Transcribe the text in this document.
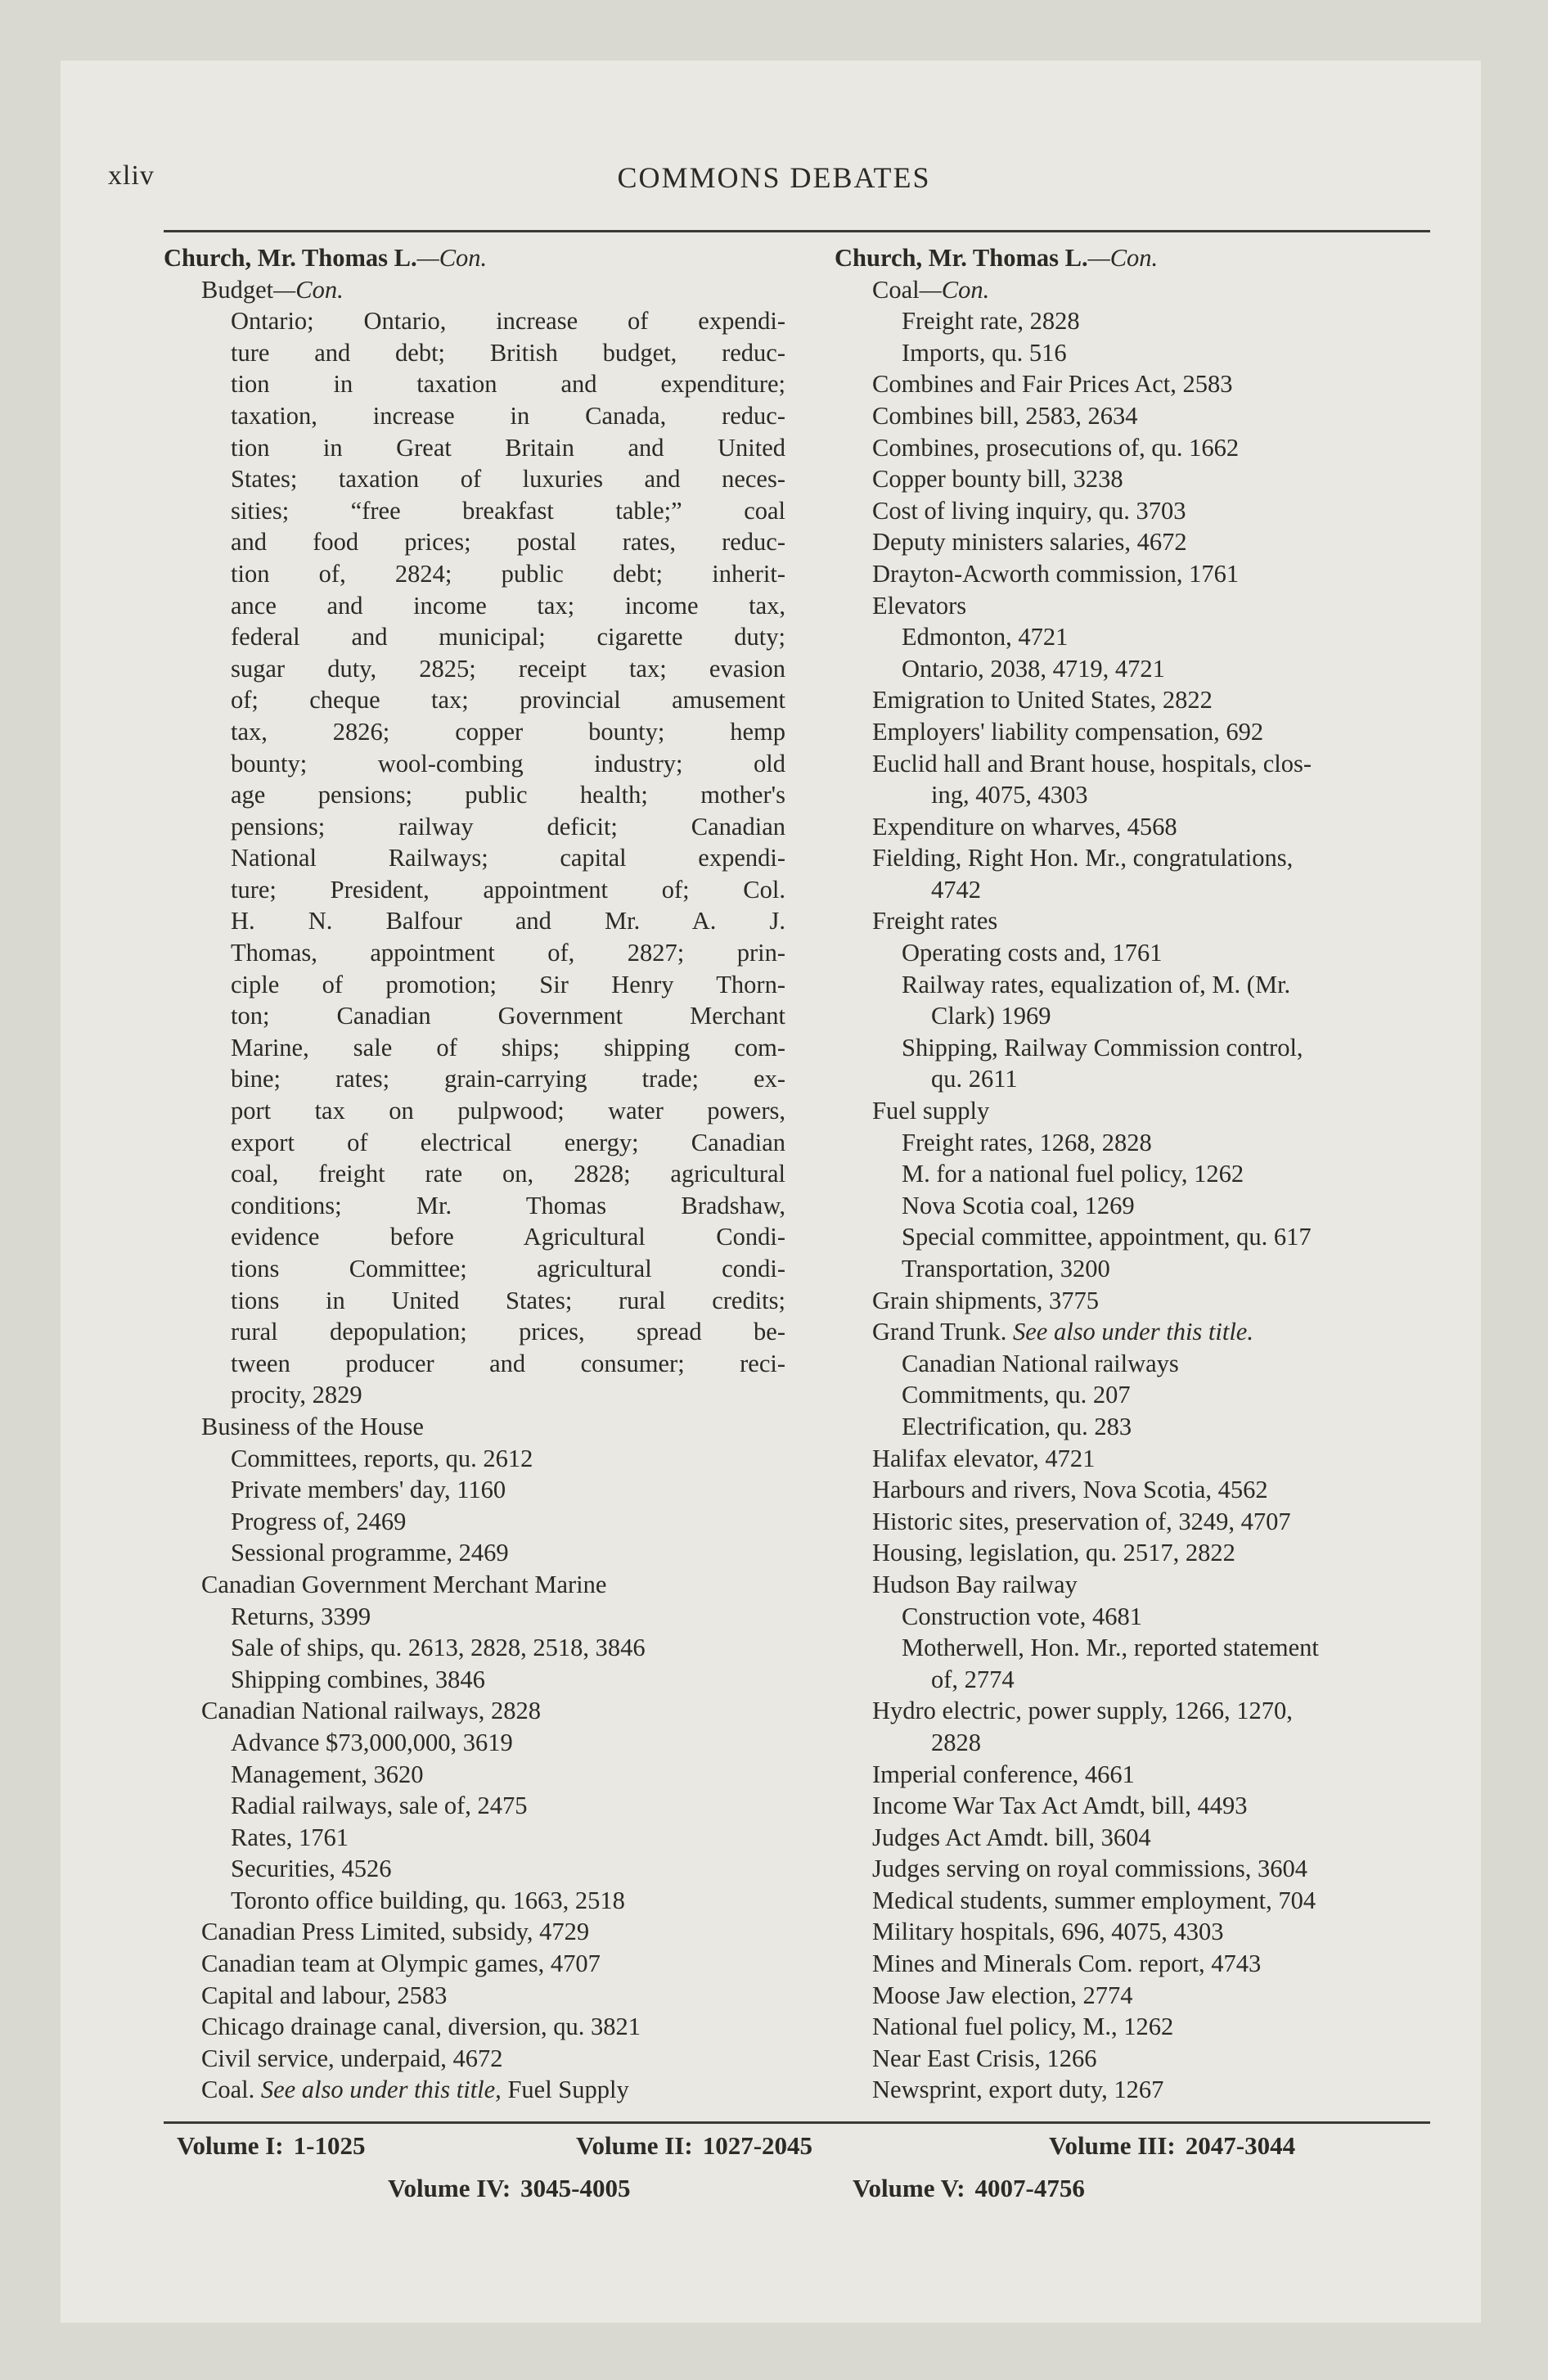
xliv	COMMONS DEBATES
Church, Mr. Thomas L.—Con.
Budget—Con.
Ontario; Ontario, increase of expendi-
ture and debt; British budget, reduc-
tion in taxation and expenditure;
taxation, increase in Canada, reduc-
tion in Great Britain and United
States; taxation of luxuries and neces-
sities; “free breakfast table;” coal
and food prices; postal rates, reduc-
tion of, 2824; public debt; inherit-
ance and income tax; income tax,
federal and municipal; cigarette duty;
sugar duty, 2825; receipt tax; evasion
of; cheque tax; provincial amusement
tax, 2826; copper bounty; hemp
bounty; wool-combing industry; old
age pensions; public health; mother's
pensions; railway deficit; Canadian
National Railways; capital expendi-
ture; President, appointment of; Col.
H. N. Balfour and Mr. A. J.
Thomas, appointment of, 2827; prin-
ciple of promotion; Sir Henry Thorn-
ton; Canadian Government Merchant
Marine, sale of ships; shipping com-
bine; rates; grain-carrying trade; ex-
port tax on pulpwood; water powers,
export of electrical energy; Canadian
coal, freight rate on, 2828; agricultural
conditions; Mr. Thomas Bradshaw,
evidence before Agricultural Condi-
tions Committee; agricultural condi-
tions in United States; rural credits;
rural depopulation; prices, spread be-
tween producer and consumer; reci-
procity, 2829
Business of the House
Committees, reports, qu. 2612
Private members' day, 1160
Progress of, 2469
Sessional programme, 2469
Canadian Government Merchant Marine
Returns, 3399
Sale of ships, qu. 2613, 2828, 2518, 3846
Shipping combines, 3846
Canadian National railways, 2828
Advance $73,000,000, 3619
Management, 3620
Radial railways, sale of, 2475
Rates, 1761
Securities, 4526
Toronto office building, qu. 1663, 2518
Canadian Press Limited, subsidy, 4729
Canadian team at Olympic games, 4707
Capital and labour, 2583
Chicago drainage canal, diversion, qu. 3821
Civil service, underpaid, 4672
Coal. See also under this title, Fuel Supply
Church, Mr. Thomas L.—Con.
Coal—Con.
Freight rate, 2828
Imports, qu. 516
Combines and Fair Prices Act, 2583
Combines bill, 2583, 2634
Combines, prosecutions of, qu. 1662
Copper bounty bill, 3238
Cost of living inquiry, qu. 3703
Deputy ministers salaries, 4672
Drayton-Acworth commission, 1761
Elevators
Edmonton, 4721
Ontario, 2038, 4719, 4721
Emigration to United States, 2822
Employers' liability compensation, 692
Euclid hall and Brant house, hospitals, clos-
ing, 4075, 4303
Expenditure on wharves, 4568
Fielding, Right Hon. Mr., congratulations,
4742
Freight rates
Operating costs and, 1761
Railway rates, equalization of, M. (Mr.
Clark) 1969
Shipping, Railway Commission control,
qu. 2611
Fuel supply
Freight rates, 1268, 2828
M. for a national fuel policy, 1262
Nova Scotia coal, 1269
Special committee, appointment, qu. 617
Transportation, 3200
Grain shipments, 3775
Grand Trunk. See also under this title.
Canadian National railways
Commitments, qu. 207
Electrification, qu. 283
Halifax elevator, 4721
Harbours and rivers, Nova Scotia, 4562
Historic sites, preservation of, 3249, 4707
Housing, legislation, qu. 2517, 2822
Hudson Bay railway
Construction vote, 4681
Motherwell, Hon. Mr., reported statement
of, 2774
Hydro electric, power supply, 1266, 1270,
2828
Imperial conference, 4661
Income War Tax Act Amdt, bill, 4493
Judges Act Amdt. bill, 3604
Judges serving on royal commissions, 3604
Medical students, summer employment, 704
Military hospitals, 696, 4075, 4303
Mines and Minerals Com. report, 4743
Moose Jaw election, 2774
National fuel policy, M., 1262
Near East Crisis, 1266
Newsprint, export duty, 1267
Volume I: 1-1025	Volume II: 1027-2045	Volume III: 2047-3044
Volume IV: 3045-4005	Volume V: 4007-4756
